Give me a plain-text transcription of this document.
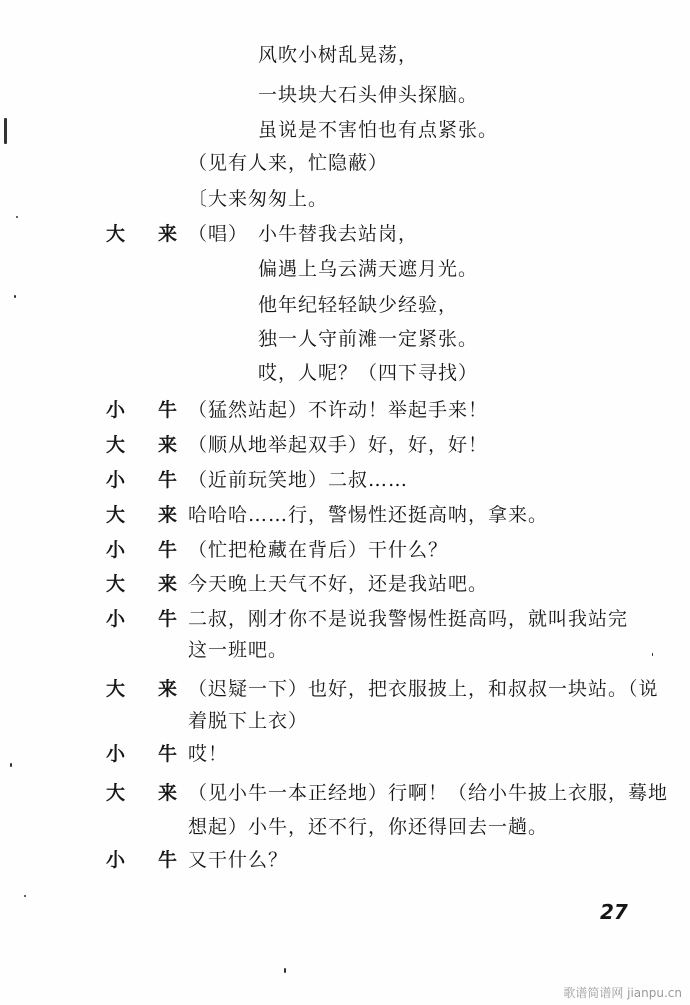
风吹小树乱晃荡，
一块块大石头伸头探脑。
虽说是不害怕也有点紧张。
（见有人来，忙隐蔽）
〔大来匆匆上。
大 来 （唱） 小牛替我去站岗，
偏遇上乌云满天遮月光。
他年纪轻轻缺少经验，
独一人守前滩一定紧张。
哎，人呢？（四下寻找）
小 牛 （猛然站起）不许动！举起手来！
大 来 （顺从地举起双手）好，好，好！
小 牛 （近前玩笑地）二叔……
大 来 哈哈哈……行，警惕性还挺高呐，拿来。
小 牛 （忙把枪藏在背后）干什么？
大 来 今天晚上天气不好，还是我站吧。
小 牛 二叔，刚才你不是说我警惕性挺高吗，就叫我站完
这一班吧。
大 来 （迟疑一下）也好，把衣服披上，和叔叔一块站。（说
着脱下上衣）
小 牛 哎！
大 来 （见小牛一本正经地）行啊！（给小牛披上衣服，蓦地
想起）小牛，还不行，你还得回去一趟。
小 牛 又干什么？
27
歌谱简谱网 jianpu.cn
